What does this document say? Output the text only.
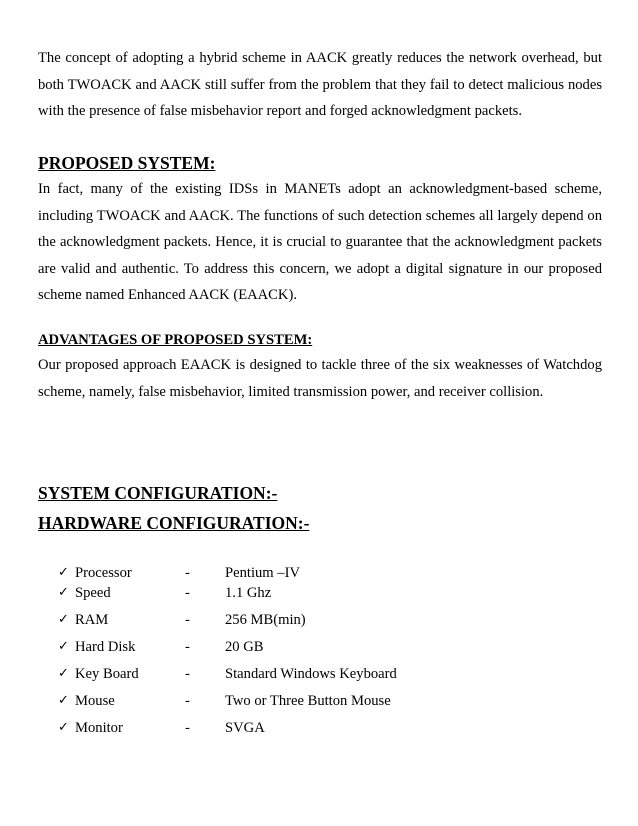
The concept of adopting a hybrid scheme in AACK greatly reduces the network overhead, but both TWOACK and AACK still suffer from the problem that they fail to detect malicious nodes with the presence of false misbehavior report and forged acknowledgment packets.

PROPOSED SYSTEM:

In fact, many of the existing IDSs in MANETs adopt an acknowledgment-based scheme, including TWOACK and AACK. The functions of such detection schemes all largely depend on the acknowledgment packets. Hence, it is crucial to guarantee that the acknowledgment packets are valid and authentic. To address this concern, we adopt a digital signature in our proposed scheme named Enhanced AACK (EAACK).

ADVANTAGES OF PROPOSED SYSTEM:

Our proposed approach EAACK is designed to tackle three of the six weaknesses of Watchdog scheme, namely, false misbehavior, limited transmission power, and receiver collision.

SYSTEM CONFIGURATION:-
HARDWARE CONFIGURATION:-
✓ Processor	- Pentium –IV
✓ Speed	- 1.1 Ghz
✓ RAM	- 256 MB(min)
✓ Hard Disk	- 20 GB
✓ Key Board	- Standard Windows Keyboard
✓ Mouse	- Two or Three Button Mouse
✓ Monitor	- SVGA
